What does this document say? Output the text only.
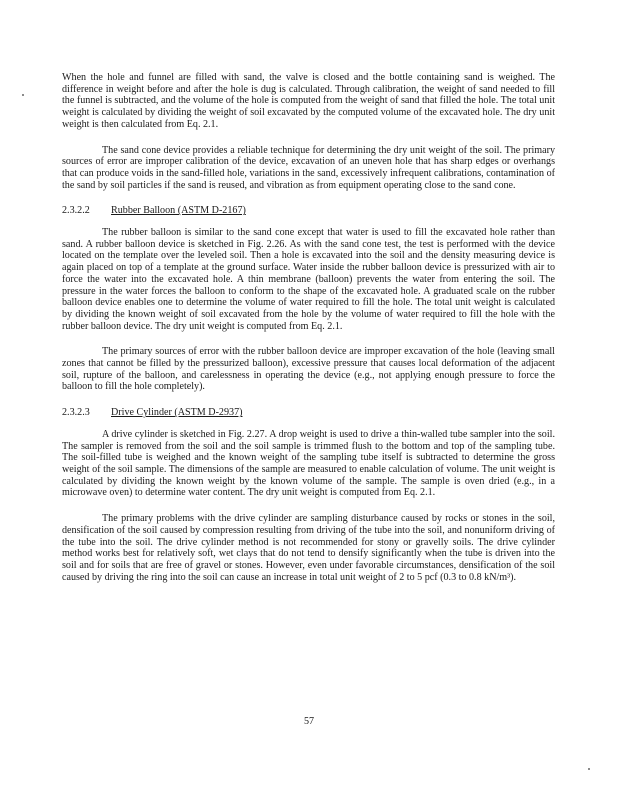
When the hole and funnel are filled with sand, the valve is closed and the bottle containing sand is weighed. The difference in weight before and after the hole is dug is calculated. Through calibration, the weight of sand needed to fill the funnel is subtracted, and the volume of the hole is computed from the weight of sand that filled the hole. The total unit weight is calculated by dividing the weight of soil excavated by the computed volume of the excavated hole. The dry unit weight is then calculated from Eq. 2.1.

The sand cone device provides a reliable technique for determining the dry unit weight of the soil. The primary sources of error are improper calibration of the device, excavation of an uneven hole that has sharp edges or overhangs that can produce voids in the sand-filled hole, variations in the sand, excessively infrequent calibrations, contamination of the sand by soil particles if the sand is reused, and vibration as from equipment operating close to the sand cone.

2.3.2.2 Rubber Balloon (ASTM D-2167)

The rubber balloon is similar to the sand cone except that water is used to fill the excavated hole rather than sand. A rubber balloon device is sketched in Fig. 2.26. As with the sand cone test, the test is performed with the device located on the template over the leveled soil. Then a hole is excavated into the soil and the density measuring device is again placed on top of a template at the ground surface. Water inside the rubber balloon device is pressurized with air to force the water into the excavated hole. A thin membrane (balloon) prevents the water from entering the soil. The pressure in the water forces the balloon to conform to the shape of the excavated hole. A graduated scale on the rubber balloon device enables one to determine the volume of water required to fill the hole. The total unit weight is calculated by dividing the known weight of soil excavated from the hole by the volume of water required to fill the hole with the rubber balloon device. The dry unit weight is computed from Eq. 2.1.

The primary sources of error with the rubber balloon device are improper excavation of the hole (leaving small zones that cannot be filled by the pressurized balloon), excessive pressure that causes local deformation of the adjacent soil, rupture of the balloon, and carelessness in operating the device (e.g., not applying enough pressure to force the balloon to fill the hole completely).

2.3.2.3 Drive Cylinder (ASTM D-2937)

A drive cylinder is sketched in Fig. 2.27. A drop weight is used to drive a thin-walled tube sampler into the soil. The sampler is removed from the soil and the soil sample is trimmed flush to the bottom and top of the sampling tube. The soil-filled tube is weighed and the known weight of the sampling tube itself is subtracted to determine the gross weight of the soil sample. The dimensions of the sample are measured to enable calculation of volume. The unit weight is calculated by dividing the known weight by the known volume of the sample. The sample is oven dried (e.g., in a microwave oven) to determine water content. The dry unit weight is computed from Eq. 2.1.

The primary problems with the drive cylinder are sampling disturbance caused by rocks or stones in the soil, densification of the soil caused by compression resulting from driving of the tube into the soil, and nonuniform driving of the tube into the soil. The drive cylinder method is not recommended for stony or gravelly soils. The drive cylinder method works best for relatively soft, wet clays that do not tend to densify significantly when the tube is driven into the soil and for soils that are free of gravel or stones. However, even under favorable circumstances, densification of the soil caused by driving the ring into the soil can cause an increase in total unit weight of 2 to 5 pcf (0.3 to 0.8 kN/m³).

57
